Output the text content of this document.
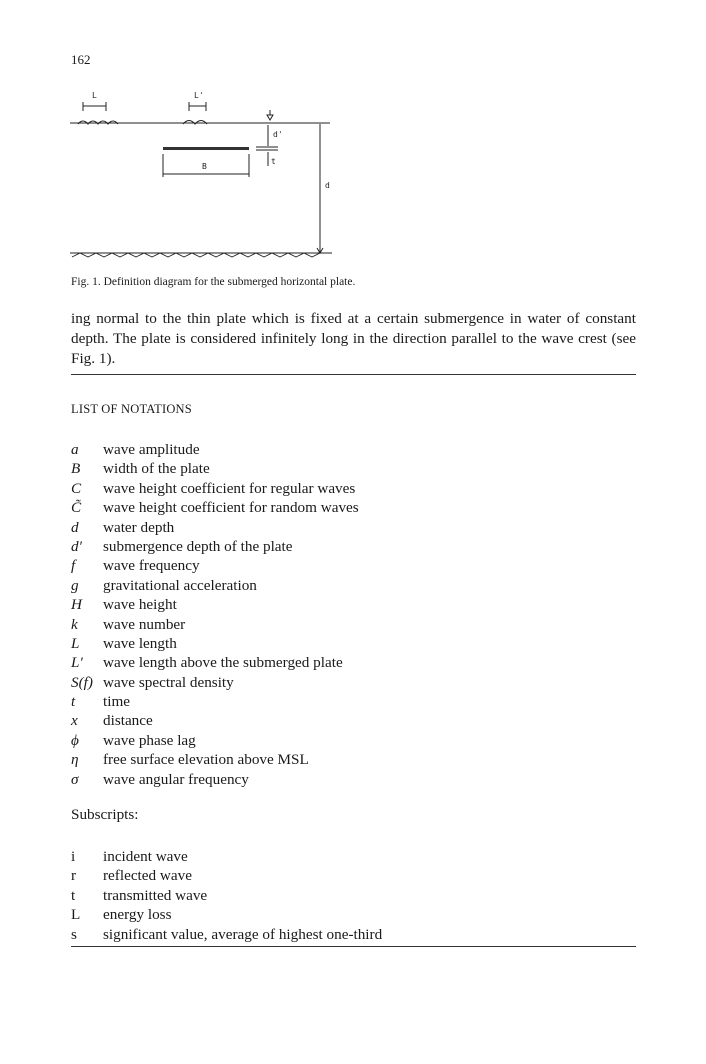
162
L	L'
B
d'
t
d
Fig. 1. Definition diagram for the submerged horizontal plate.
ing normal to the thin plate which is fixed at a certain submergence in water of constant depth. The plate is considered infinitely long in the direction parallel to the wave crest (see Fig. 1).
LIST OF NOTATIONS
a	wave amplitude
B	width of the plate
C	wave height coefficient for regular waves
C̃	wave height coefficient for random waves
d	water depth
d′	submergence depth of the plate
f	wave frequency
g	gravitational acceleration
H	wave height
k	wave number
L	wave length
L′	wave length above the submerged plate
S(f) wave spectral density
t	time
x	distance
ϕ	wave phase lag
η	free surface elevation above MSL
σ	wave angular frequency
Subscripts:
i	incident wave
r	reflected wave
t	transmitted wave
L	energy loss
s	significant value, average of highest one-third
